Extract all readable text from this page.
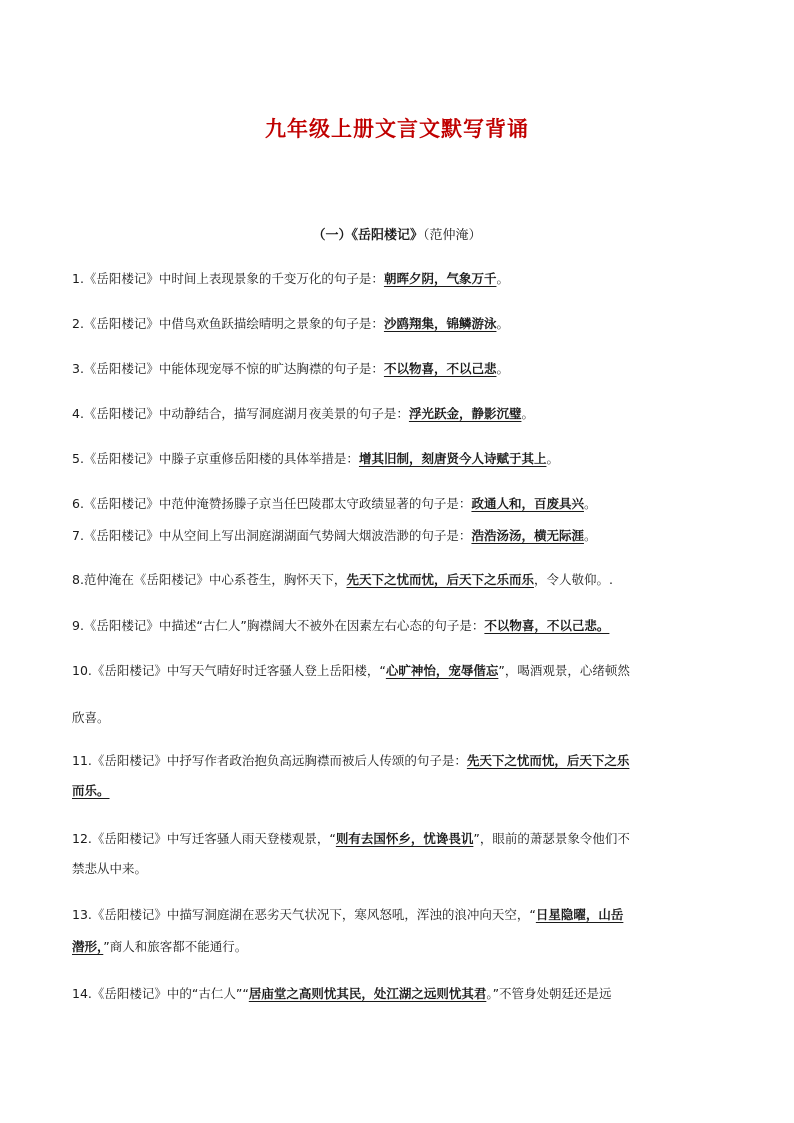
九年级上册文言文默写背诵
（一）《岳阳楼记》（范仲淹）
1.《岳阳楼记》中时间上表现景象的千变万化的句子是：朝晖夕阴，气象万千。
2.《岳阳楼记》中借鸟欢鱼跃描绘晴明之景象的句子是：沙鸥翔集，锦鳞游泳。
3.《岳阳楼记》中能体现宠辱不惊的旷达胸襟的句子是：不以物喜，不以己悲。
4.《岳阳楼记》中动静结合，描写洞庭湖月夜美景的句子是：浮光跃金，静影沉璧。
5.《岳阳楼记》中滕子京重修岳阳楼的具体举措是：增其旧制，刻唐贤今人诗赋于其上。
6.《岳阳楼记》中范仲淹赞扬滕子京当任巴陵郡太守政绩显著的句子是：政通人和，百废具兴。
7.《岳阳楼记》中从空间上写出洞庭湖湖面气势阔大烟波浩渺的句子是：浩浩汤汤，横无际涯。
8.范仲淹在《岳阳楼记》中心系苍生，胸怀天下，先天下之忧而忧，后天下之乐而乐，令人敬仰。.
9.《岳阳楼记》中描述“古仁人”胸襟阔大不被外在因素左右心态的句子是：不以物喜，不以己悲。
10.《岳阳楼记》中写天气晴好时迁客骚人登上岳阳楼，“心旷神怡，宠辱偕忘”，喝酒观景，心绪顿然
欣喜。
11.《岳阳楼记》中抒写作者政治抱负高远胸襟而被后人传颂的句子是：先天下之忧而忧，后天下之乐
而乐。
12.《岳阳楼记》中写迁客骚人雨天登楼观景，“则有去国怀乡，忧谗畏讥”，眼前的萧瑟景象令他们不
禁悲从中来。
13.《岳阳楼记》中描写洞庭湖在恶劣天气状况下，寒风怒吼，浑浊的浪冲向天空，“日星隐曜，山岳
潜形，”商人和旅客都不能通行。
14.《岳阳楼记》中的“古仁人”“居庙堂之高则忧其民，处江湖之远则忧其君。”不管身处朝廷还是远
